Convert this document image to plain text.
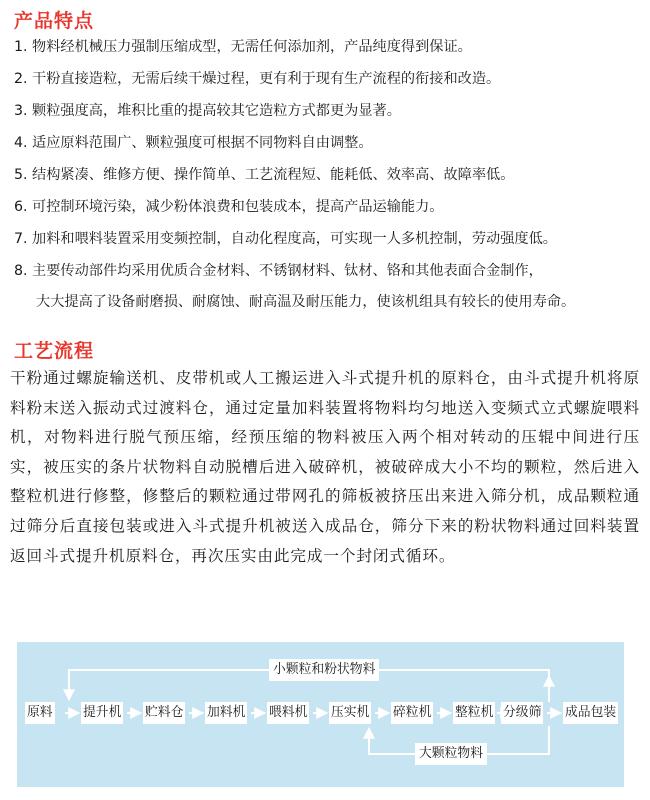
产品特点

1. 物料经机械压力强制压缩成型，无需任何添加剂，产品纯度得到保证。

2. 干粉直接造粒，无需后续干燥过程，更有利于现有生产流程的衔接和改造。

3. 颗粒强度高，堆积比重的提高较其它造粒方式都更为显著。

4. 适应原料范围广、颗粒强度可根据不同物料自由调整。

5. 结构紧凑、维修方便、操作简单、工艺流程短、能耗低、效率高、故障率低。

6. 可控制环境污染，减少粉体浪费和包装成本，提高产品运输能力。

7. 加料和喂料装置采用变频控制，自动化程度高，可实现一人多机控制，劳动强度低。

8. 主要传动部件均采用优质合金材料、不锈钢材料、钛材、铬和其他表面合金制作，

大大提高了设备耐磨损、耐腐蚀、耐高温及耐压能力，使该机组具有较长的使用寿命。

工艺流程

干粉通过螺旋输送机、皮带机或人工搬运进入斗式提升机的原料仓，由斗式提升机将原料粉末送入振动式过渡料仓，通过定量加料装置将物料均匀地送入变频式立式螺旋喂料机，对物料进行脱气预压缩，经预压缩的物料被压入两个相对转动的压辊中间进行压实，被压实的条片状物料自动脱槽后进入破碎机，被破碎成大小不均的颗粒，然后进入整粒机进行修整，修整后的颗粒通过带网孔的筛板被挤压出来进入筛分机，成品颗粒通过筛分后直接包装或进入斗式提升机被送入成品仓，筛分下来的粉状物料通过回料装置返回斗式提升机原料仓，再次压实由此完成一个封闭式循环。

小颗粒和粉状物料
大颗粒物料
原料 提升机 贮料仓 加料机 喂料机 压实机 碎粒机 整粒机 分级筛 成品包装
